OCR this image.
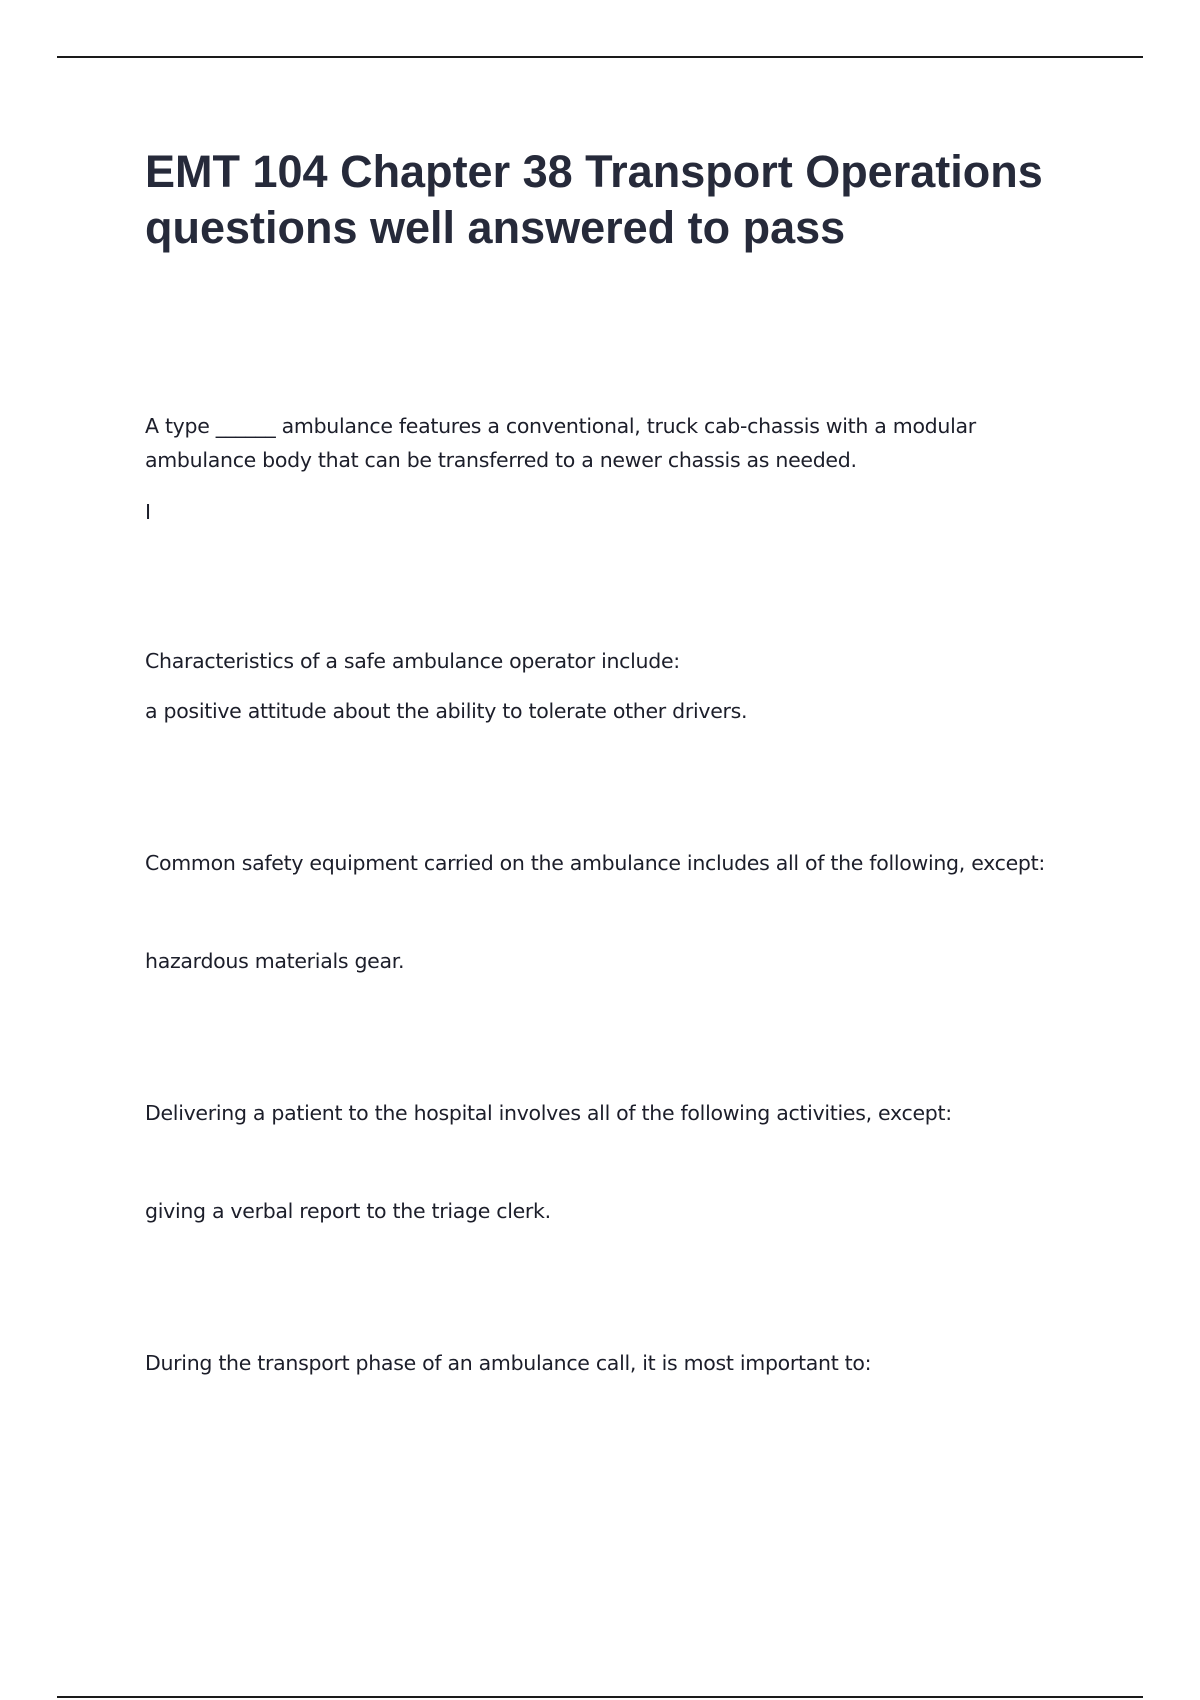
EMT 104 Chapter 38 Transport Operations questions well answered to pass

A type ______ ambulance features a conventional, truck cab-chassis with a modular ambulance body that can be transferred to a newer chassis as needed.

I

Characteristics of a safe ambulance operator include:

a positive attitude about the ability to tolerate other drivers.

Common safety equipment carried on the ambulance includes all of the following, except:

hazardous materials gear.

Delivering a patient to the hospital involves all of the following activities, except:

giving a verbal report to the triage clerk.

During the transport phase of an ambulance call, it is most important to:
